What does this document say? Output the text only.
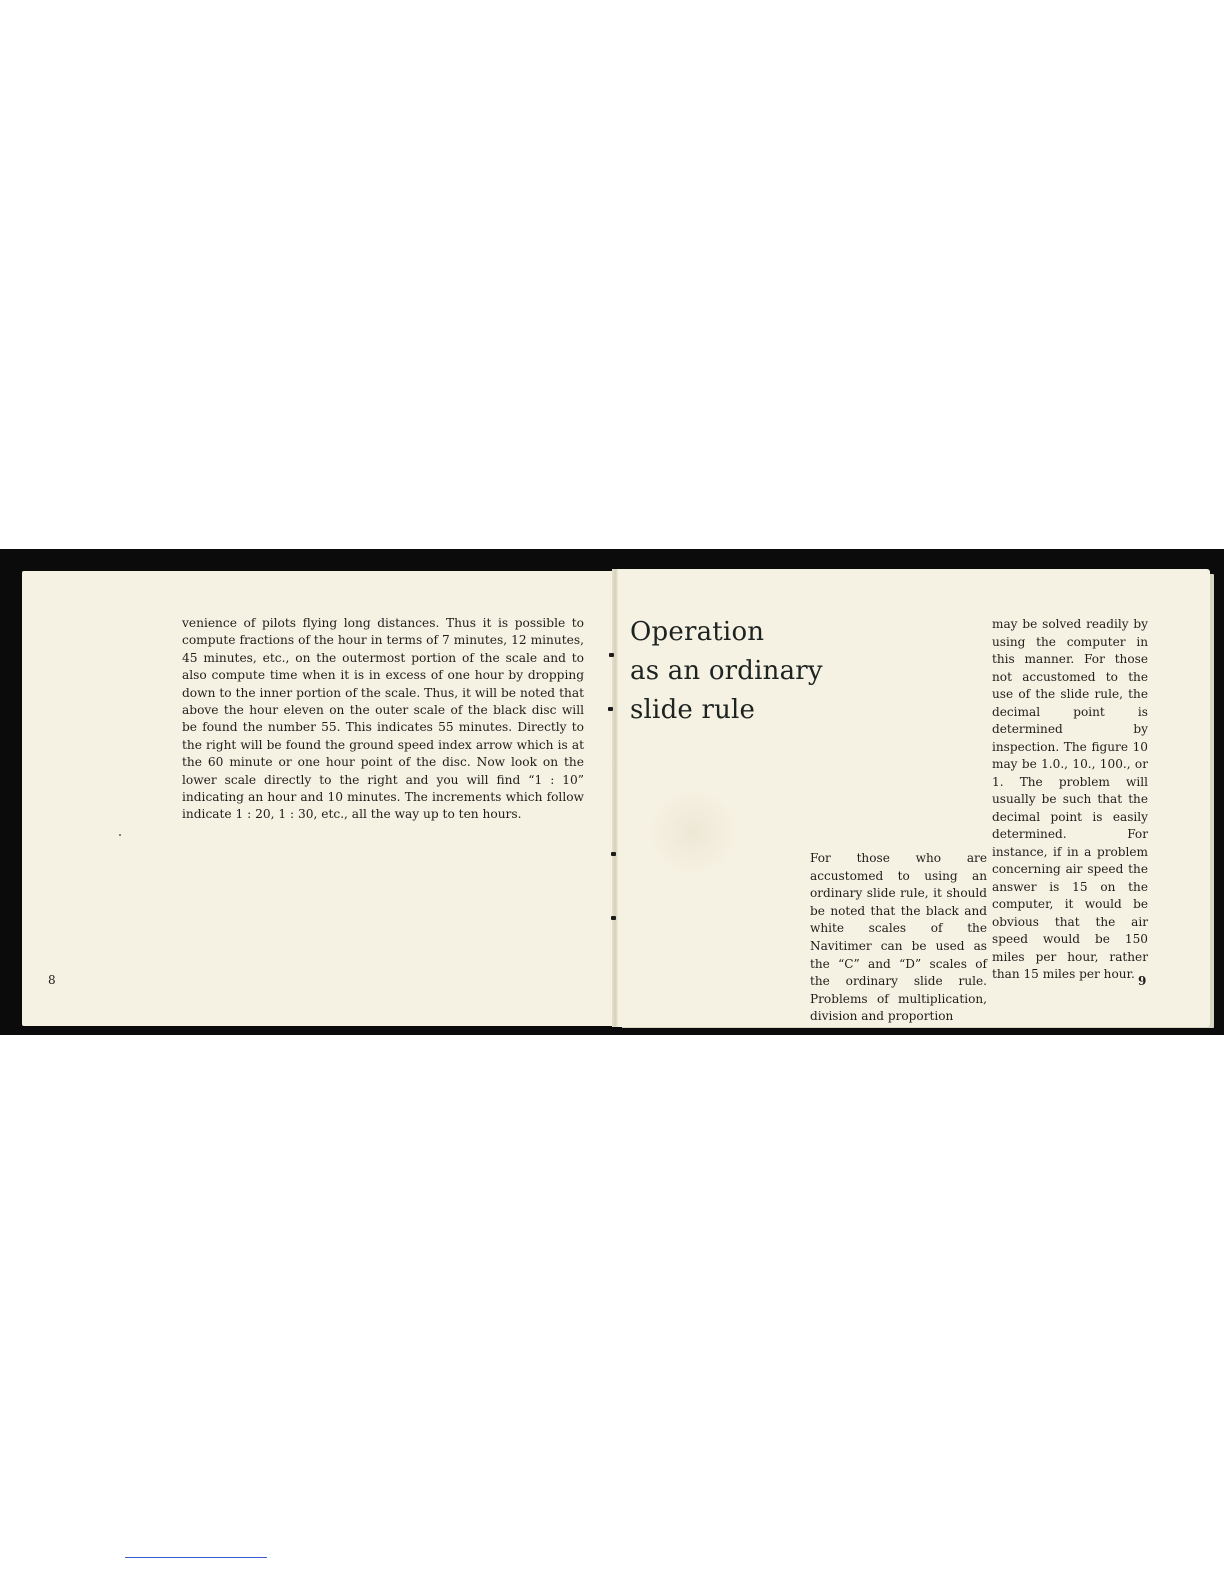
venience of pilots flying long distances. Thus it is possible to compute fractions of the hour in terms of 7 minutes, 12 minutes, 45 minutes, etc., on the outermost portion of the scale and to also compute time when it is in excess of one hour by dropping down to the inner portion of the scale. Thus, it will be noted that above the hour eleven on the outer scale of the black disc will be found the number 55. This indicates 55 minutes. Directly to the right will be found the ground speed index arrow which is at the 60 minute or one hour point of the disc. Now look on the lower scale directly to the right and you will find “1 : 10” indicating an hour and 10 minutes. The increments which follow indicate 1 : 20, 1 : 30, etc., all the way up to ten hours.

8
Operation
as an ordinary
slide rule

For those who are accustomed to using an ordinary slide rule, it should be noted that the black and white scales of the Navitimer can be used as the “C” and “D” scales of the ordinary slide rule. Problems of multiplication, division and proportion

may be solved readily by using the computer in this manner. For those not accustomed to the use of the slide rule, the decimal point is determined by inspection. The figure 10 may be 1.0., 10., 100., or 1. The problem will usually be such that the decimal point is easily determined. For instance, if in a problem concerning air speed the answer is 15 on the computer, it would be obvious that the air speed would be 150 miles per hour, rather than 15 miles per hour. 9
